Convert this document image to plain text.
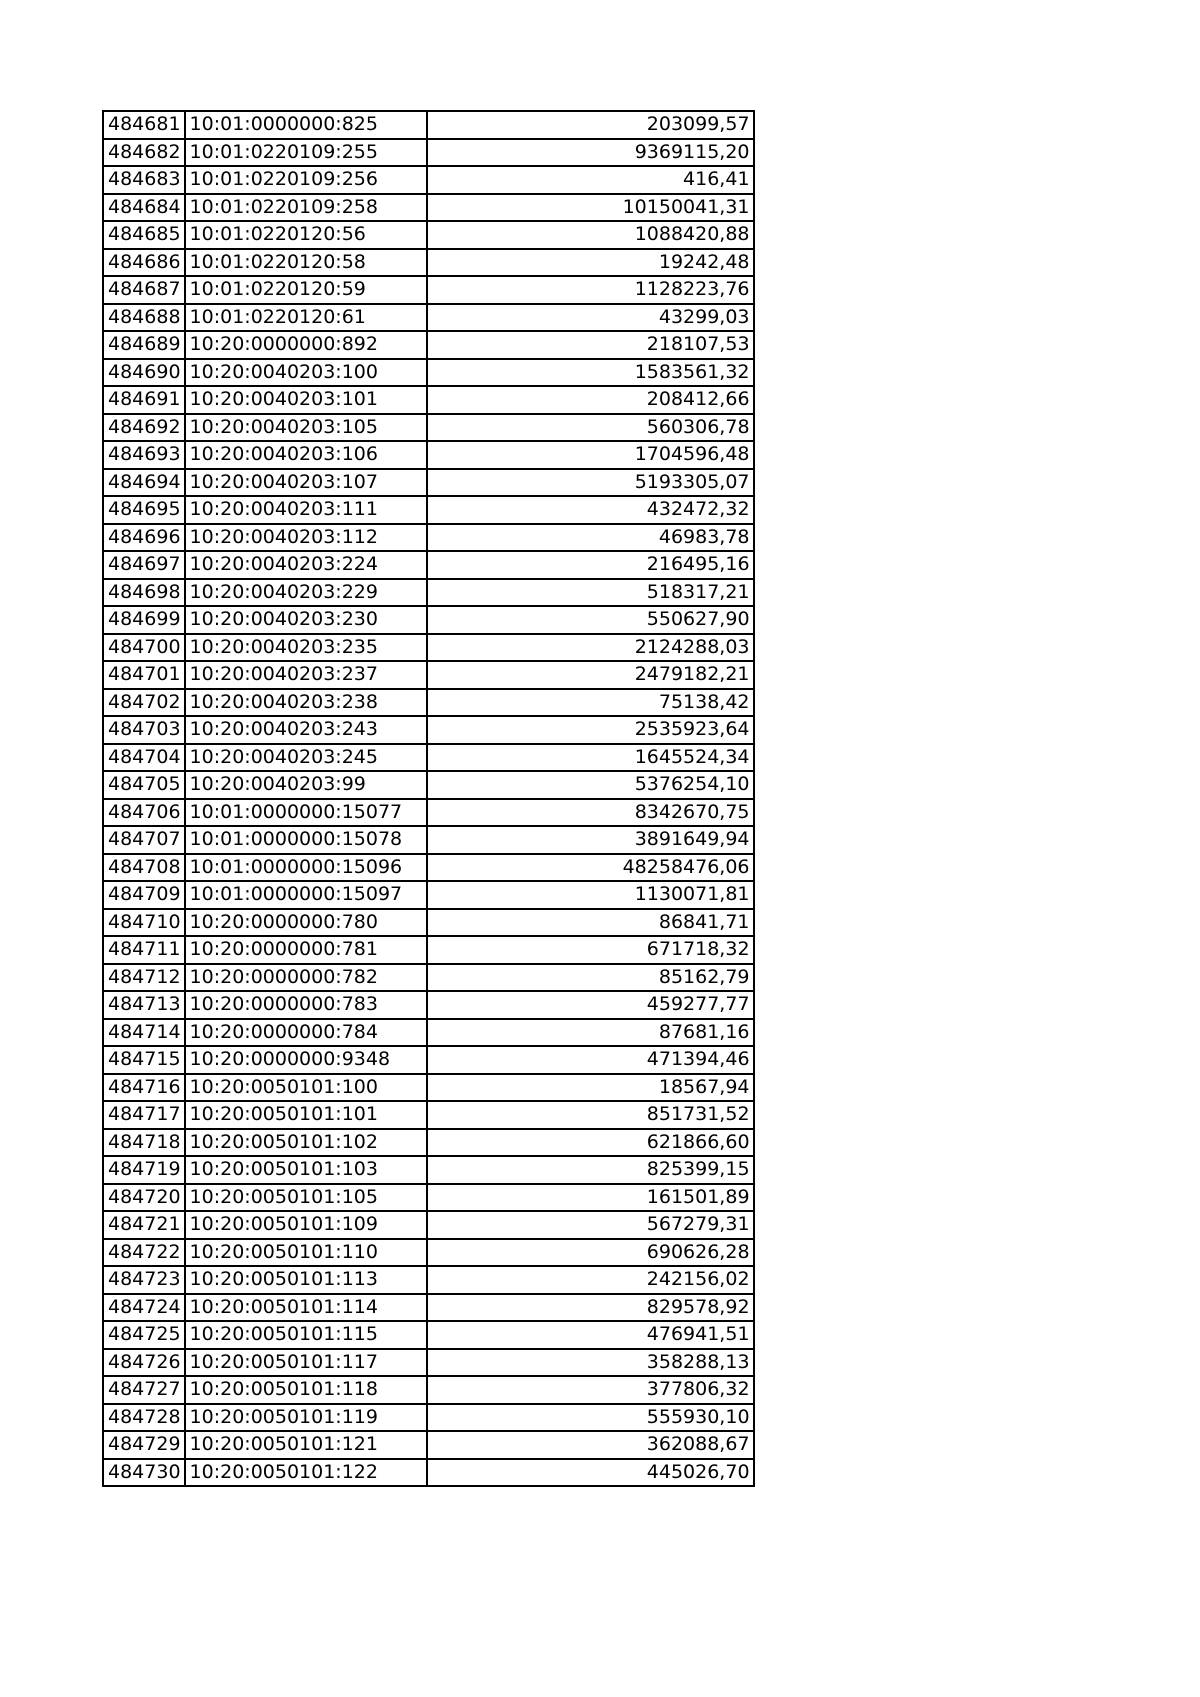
484681	10:01:0000000:825	203099,57
484682	10:01:0220109:255	9369115,20
484683	10:01:0220109:256	416,41
484684	10:01:0220109:258	10150041,31
484685	10:01:0220120:56	1088420,88
484686	10:01:0220120:58	19242,48
484687	10:01:0220120:59	1128223,76
484688	10:01:0220120:61	43299,03
484689	10:20:0000000:892	218107,53
484690	10:20:0040203:100	1583561,32
484691	10:20:0040203:101	208412,66
484692	10:20:0040203:105	560306,78
484693	10:20:0040203:106	1704596,48
484694	10:20:0040203:107	5193305,07
484695	10:20:0040203:111	432472,32
484696	10:20:0040203:112	46983,78
484697	10:20:0040203:224	216495,16
484698	10:20:0040203:229	518317,21
484699	10:20:0040203:230	550627,90
484700	10:20:0040203:235	2124288,03
484701	10:20:0040203:237	2479182,21
484702	10:20:0040203:238	75138,42
484703	10:20:0040203:243	2535923,64
484704	10:20:0040203:245	1645524,34
484705	10:20:0040203:99	5376254,10
484706	10:01:0000000:15077	8342670,75
484707	10:01:0000000:15078	3891649,94
484708	10:01:0000000:15096	48258476,06
484709	10:01:0000000:15097	1130071,81
484710	10:20:0000000:780	86841,71
484711	10:20:0000000:781	671718,32
484712	10:20:0000000:782	85162,79
484713	10:20:0000000:783	459277,77
484714	10:20:0000000:784	87681,16
484715	10:20:0000000:9348	471394,46
484716	10:20:0050101:100	18567,94
484717	10:20:0050101:101	851731,52
484718	10:20:0050101:102	621866,60
484719	10:20:0050101:103	825399,15
484720	10:20:0050101:105	161501,89
484721	10:20:0050101:109	567279,31
484722	10:20:0050101:110	690626,28
484723	10:20:0050101:113	242156,02
484724	10:20:0050101:114	829578,92
484725	10:20:0050101:115	476941,51
484726	10:20:0050101:117	358288,13
484727	10:20:0050101:118	377806,32
484728	10:20:0050101:119	555930,10
484729	10:20:0050101:121	362088,67
484730	10:20:0050101:122	445026,70
